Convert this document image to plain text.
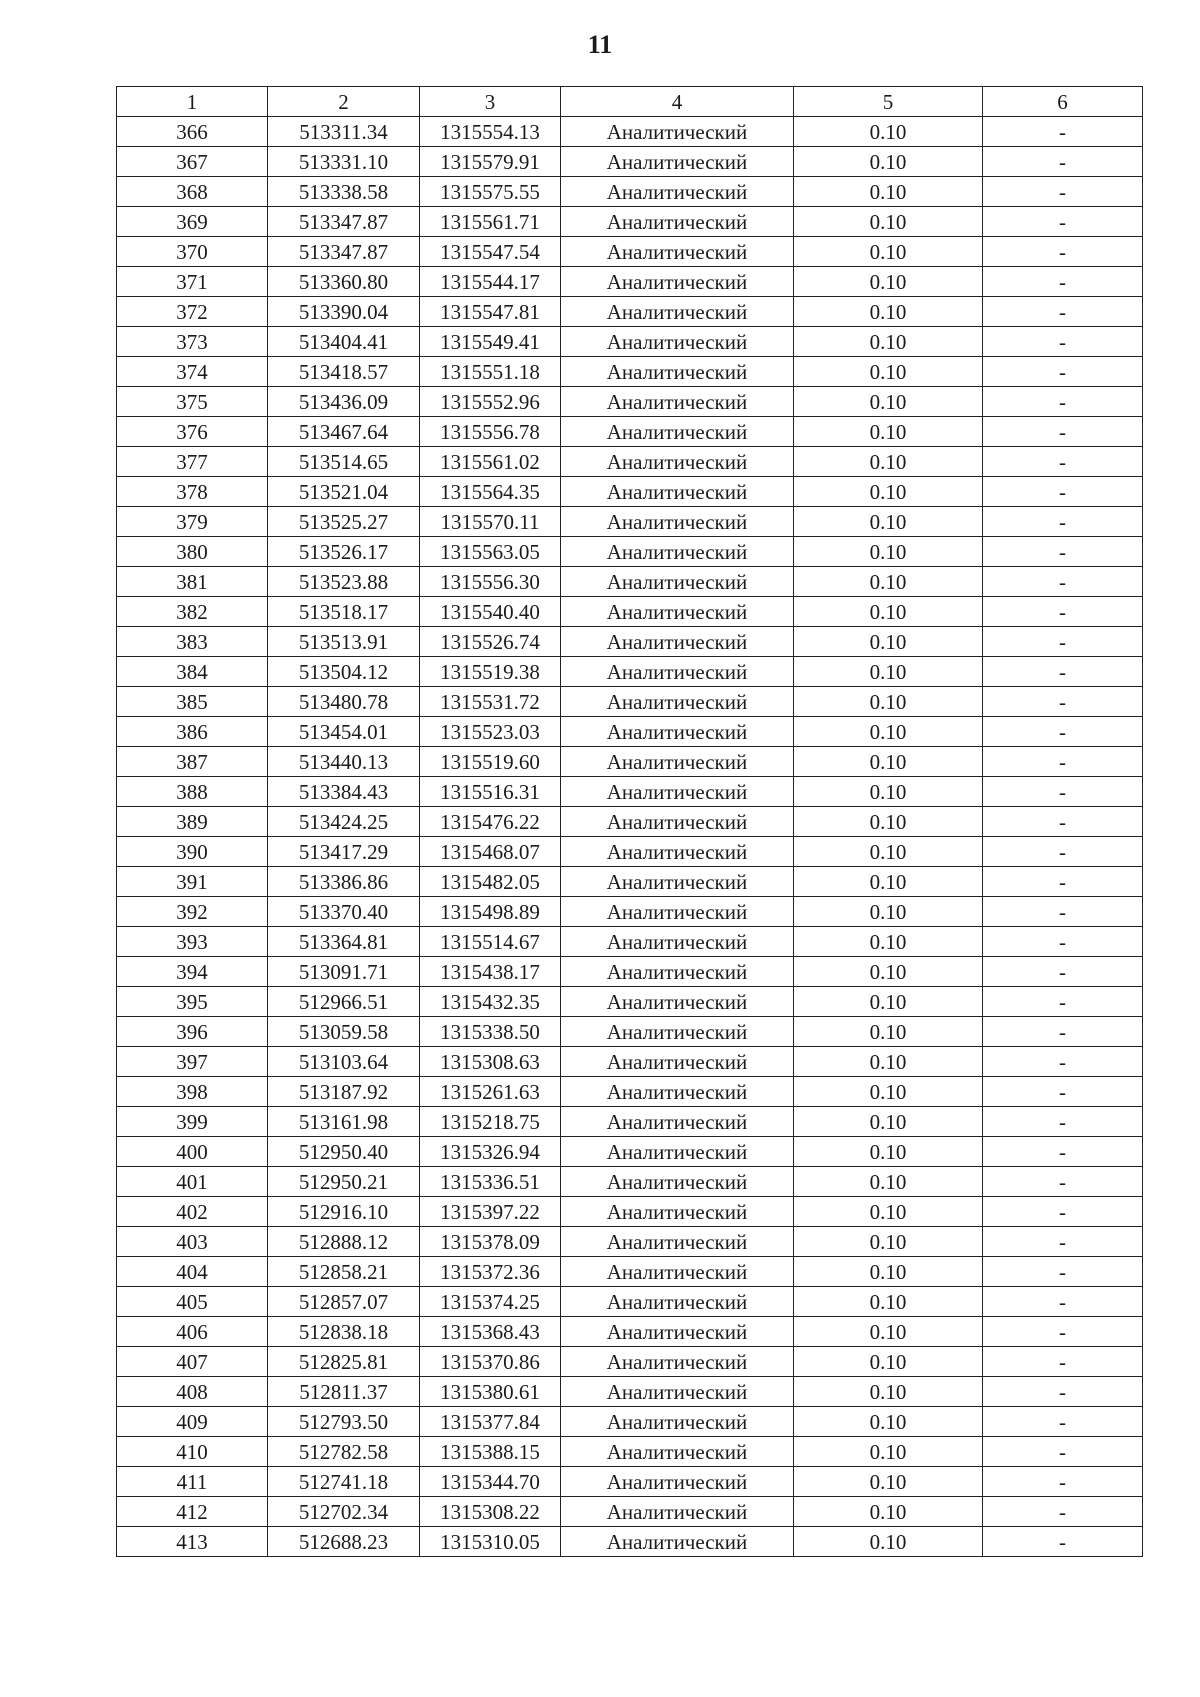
11
1	2	3	4	5	6
366	513311.34	1315554.13	Аналитический	0.10	-
367	513331.10	1315579.91	Аналитический	0.10	-
368	513338.58	1315575.55	Аналитический	0.10	-
369	513347.87	1315561.71	Аналитический	0.10	-
370	513347.87	1315547.54	Аналитический	0.10	-
371	513360.80	1315544.17	Аналитический	0.10	-
372	513390.04	1315547.81	Аналитический	0.10	-
373	513404.41	1315549.41	Аналитический	0.10	-
374	513418.57	1315551.18	Аналитический	0.10	-
375	513436.09	1315552.96	Аналитический	0.10	-
376	513467.64	1315556.78	Аналитический	0.10	-
377	513514.65	1315561.02	Аналитический	0.10	-
378	513521.04	1315564.35	Аналитический	0.10	-
379	513525.27	1315570.11	Аналитический	0.10	-
380	513526.17	1315563.05	Аналитический	0.10	-
381	513523.88	1315556.30	Аналитический	0.10	-
382	513518.17	1315540.40	Аналитический	0.10	-
383	513513.91	1315526.74	Аналитический	0.10	-
384	513504.12	1315519.38	Аналитический	0.10	-
385	513480.78	1315531.72	Аналитический	0.10	-
386	513454.01	1315523.03	Аналитический	0.10	-
387	513440.13	1315519.60	Аналитический	0.10	-
388	513384.43	1315516.31	Аналитический	0.10	-
389	513424.25	1315476.22	Аналитический	0.10	-
390	513417.29	1315468.07	Аналитический	0.10	-
391	513386.86	1315482.05	Аналитический	0.10	-
392	513370.40	1315498.89	Аналитический	0.10	-
393	513364.81	1315514.67	Аналитический	0.10	-
394	513091.71	1315438.17	Аналитический	0.10	-
395	512966.51	1315432.35	Аналитический	0.10	-
396	513059.58	1315338.50	Аналитический	0.10	-
397	513103.64	1315308.63	Аналитический	0.10	-
398	513187.92	1315261.63	Аналитический	0.10	-
399	513161.98	1315218.75	Аналитический	0.10	-
400	512950.40	1315326.94	Аналитический	0.10	-
401	512950.21	1315336.51	Аналитический	0.10	-
402	512916.10	1315397.22	Аналитический	0.10	-
403	512888.12	1315378.09	Аналитический	0.10	-
404	512858.21	1315372.36	Аналитический	0.10	-
405	512857.07	1315374.25	Аналитический	0.10	-
406	512838.18	1315368.43	Аналитический	0.10	-
407	512825.81	1315370.86	Аналитический	0.10	-
408	512811.37	1315380.61	Аналитический	0.10	-
409	512793.50	1315377.84	Аналитический	0.10	-
410	512782.58	1315388.15	Аналитический	0.10	-
411	512741.18	1315344.70	Аналитический	0.10	-
412	512702.34	1315308.22	Аналитический	0.10	-
413	512688.23	1315310.05	Аналитический	0.10	-
